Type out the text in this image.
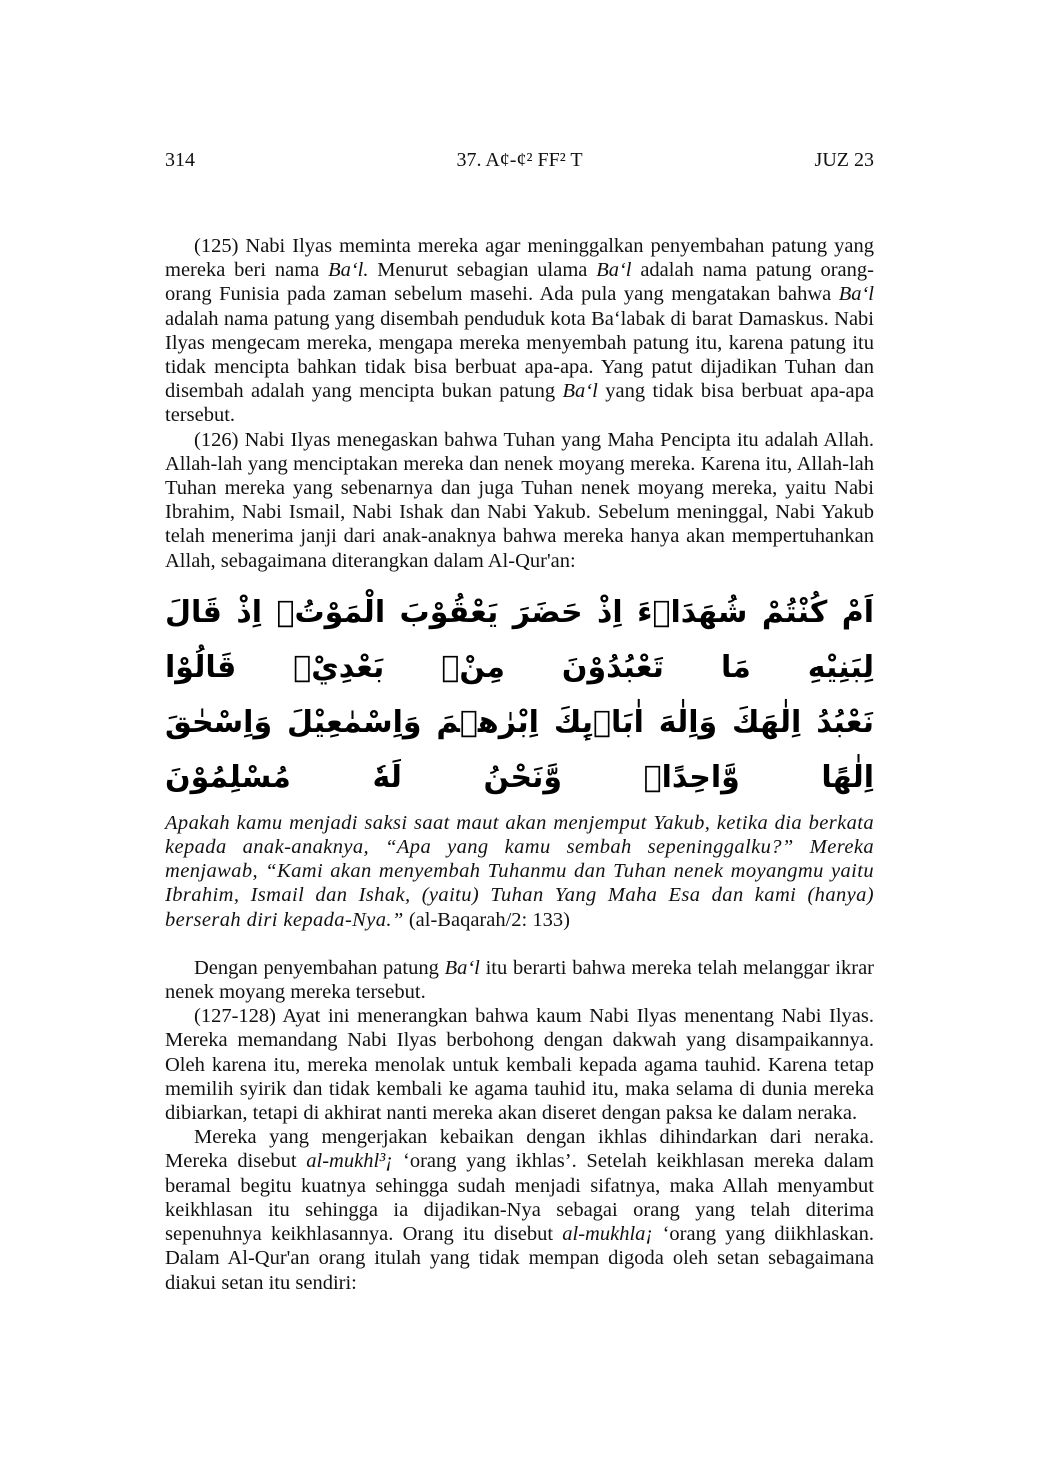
314	37. A¢-¢² FF² T	JUZ 23

(125) Nabi Ilyas meminta mereka agar meninggalkan penyembahan patung yang mereka beri nama Ba‘l. Menurut sebagian ulama Ba‘l adalah nama patung orang-orang Funisia pada zaman sebelum masehi. Ada pula yang mengatakan bahwa Ba‘l adalah nama patung yang disembah penduduk kota Ba‘labak di barat Damaskus. Nabi Ilyas mengecam mereka, mengapa mereka menyembah patung itu, karena patung itu tidak mencipta bahkan tidak bisa berbuat apa-apa. Yang patut dijadikan Tuhan dan disembah adalah yang mencipta bukan patung Ba‘l yang tidak bisa berbuat apa-apa tersebut.

(126) Nabi Ilyas menegaskan bahwa Tuhan yang Maha Pencipta itu adalah Allah. Allah-lah yang menciptakan mereka dan nenek moyang mereka. Karena itu, Allah-lah Tuhan mereka yang sebenarnya dan juga Tuhan nenek moyang mereka, yaitu Nabi Ibrahim, Nabi Ismail, Nabi Ishak dan Nabi Yakub. Sebelum meninggal, Nabi Yakub telah menerima janji dari anak-anaknya bahwa mereka hanya akan mempertuhankan Allah, sebagaimana diterangkan dalam Al-Qur'an:

اَمْ كُنْتُمْ شُهَدَاۤءَ اِذْ حَضَرَ يَعْقُوْبَ الْمَوْتُۙ اِذْ قَالَ لِبَنِيْهِ مَا تَعْبُدُوْنَ مِنْۢ بَعْدِيْۗ قَالُوْا
نَعْبُدُ اِلٰهَكَ وَاِلٰهَ اٰبَاۤىِٕكَ اِبْرٰهٖمَ وَاِسْمٰعِيْلَ وَاِسْحٰقَ اِلٰهًا وَّاحِدًاۚ وَّنَحْنُ لَهٗ مُسْلِمُوْنَ

Apakah kamu menjadi saksi saat maut akan menjemput Yakub, ketika dia berkata kepada anak-anaknya, “Apa yang kamu sembah sepeninggalku?” Mereka menjawab, “Kami akan menyembah Tuhanmu dan Tuhan nenek moyangmu yaitu Ibrahim, Ismail dan Ishak, (yaitu) Tuhan Yang Maha Esa dan kami (hanya) berserah diri kepada-Nya.” (al-Baqarah/2: 133)

Dengan penyembahan patung Ba‘l itu berarti bahwa mereka telah melanggar ikrar nenek moyang mereka tersebut.

(127-128) Ayat ini menerangkan bahwa kaum Nabi Ilyas menentang Nabi Ilyas. Mereka memandang Nabi Ilyas berbohong dengan dakwah yang disampaikannya. Oleh karena itu, mereka menolak untuk kembali kepada agama tauhid. Karena tetap memilih syirik dan tidak kembali ke agama tauhid itu, maka selama di dunia mereka dibiarkan, tetapi di akhirat nanti mereka akan diseret dengan paksa ke dalam neraka.

Mereka yang mengerjakan kebaikan dengan ikhlas dihindarkan dari neraka. Mereka disebut al-mukhl³¡ ‘orang yang ikhlas’. Setelah keikhlasan mereka dalam beramal begitu kuatnya sehingga sudah menjadi sifatnya, maka Allah menyambut keikhlasan itu sehingga ia dijadikan-Nya sebagai orang yang telah diterima sepenuhnya keikhlasannya. Orang itu disebut al-mukhla¡ ‘orang yang diikhlaskan. Dalam Al-Qur'an orang itulah yang tidak mempan digoda oleh setan sebagaimana diakui setan itu sendiri:
